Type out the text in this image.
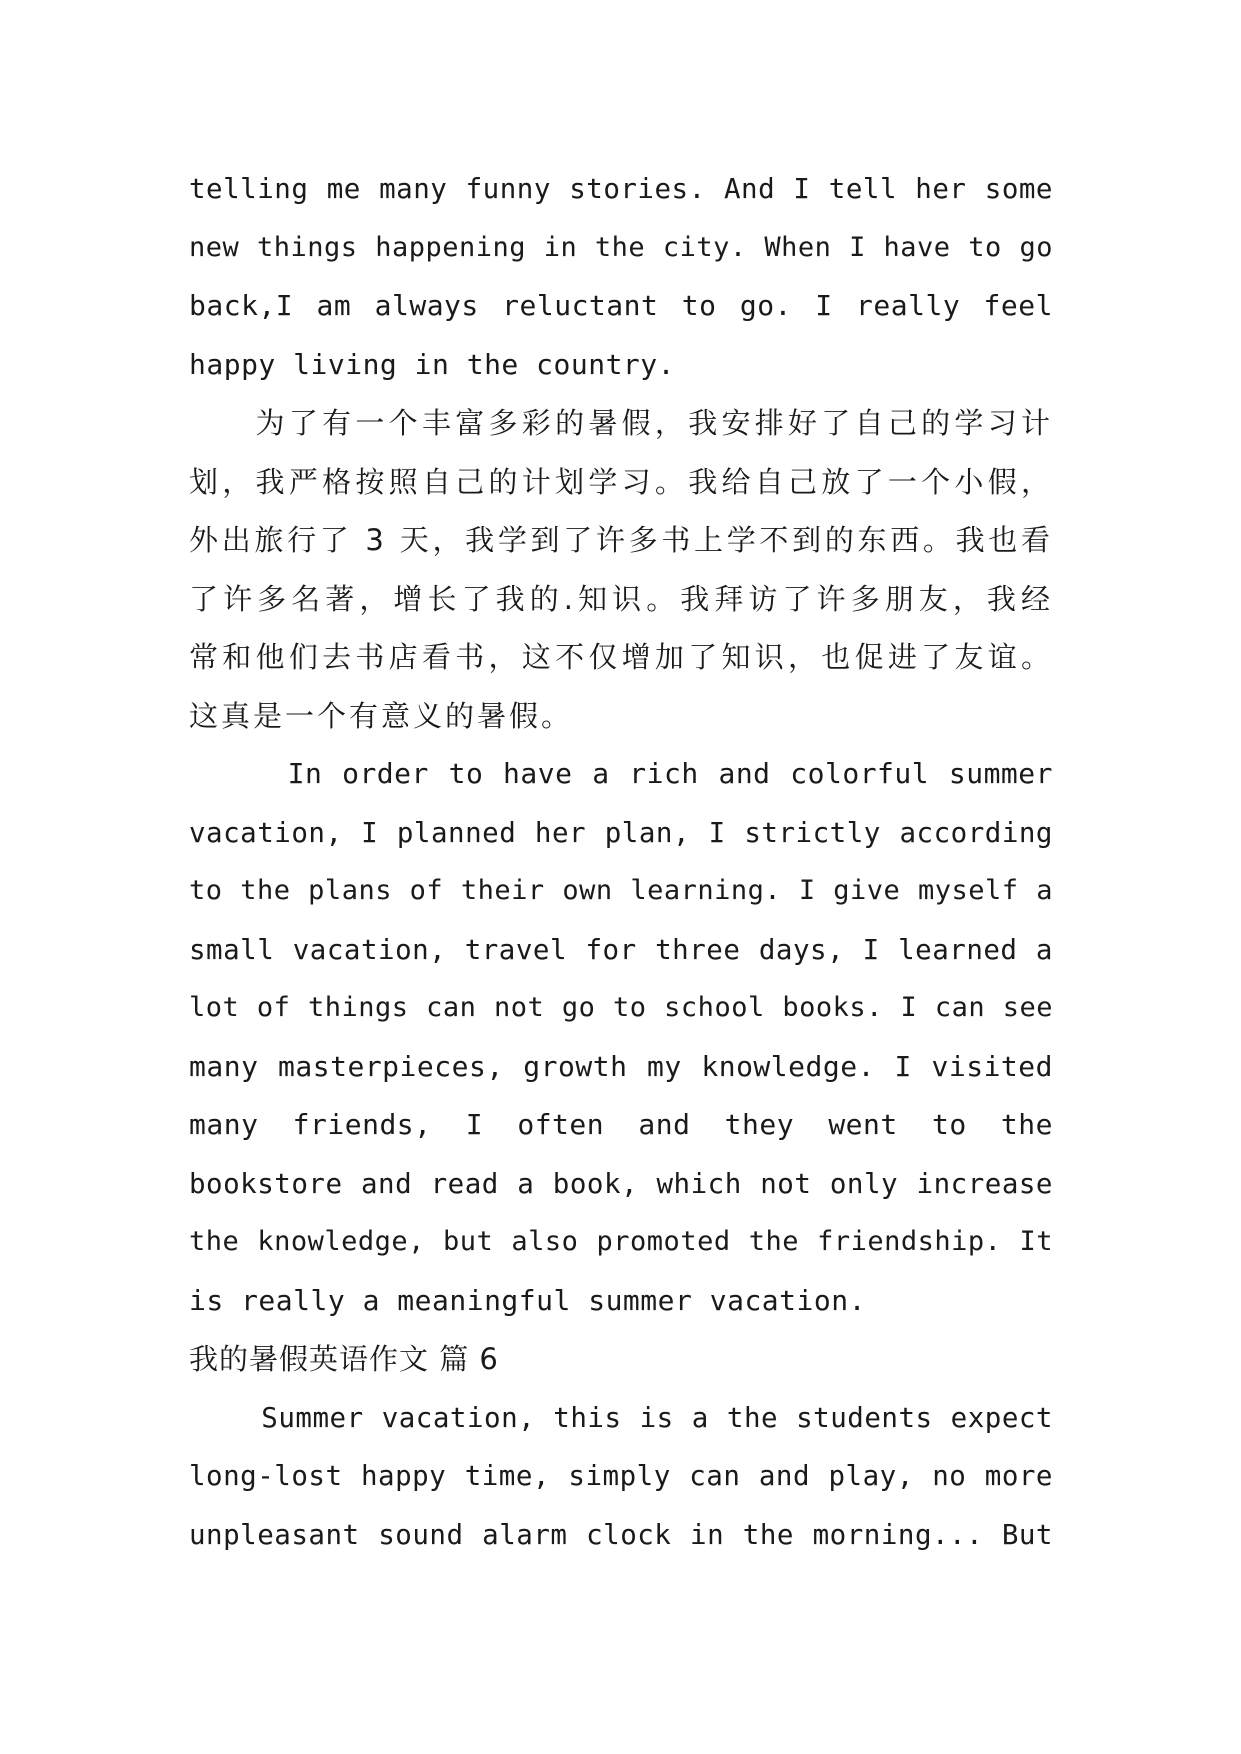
telling me many funny stories. And I tell her some
new things happening in the city. When I have to go
back,I am always reluctant to go. I really feel
happy living in the country.
　　为了有一个丰富多彩的暑假，我安排好了自己的学习计
划，我严格按照自己的计划学习。我给自己放了一个小假，
外出旅行了 3 天，我学到了许多书上学不到的东西。我也看
了许多名著，增长了我的.知识。我拜访了许多朋友，我经
常和他们去书店看书，这不仅增加了知识，也促进了友谊。
这真是一个有意义的暑假。
In order to have a rich and colorful summer
vacation, I planned her plan, I strictly according
to the plans of their own learning. I give myself a
small vacation, travel for three days, I learned a
lot of things can not go to school books. I can see
many masterpieces, growth my knowledge. I visited
many friends, I often and they went to the
bookstore and read a book, which not only increase
the knowledge, but also promoted the friendship. It
is really a meaningful summer vacation.
我的暑假英语作文 篇 6
Summer vacation, this is a the students expect
long-lost happy time, simply can and play, no more
unpleasant sound alarm clock in the morning... But
